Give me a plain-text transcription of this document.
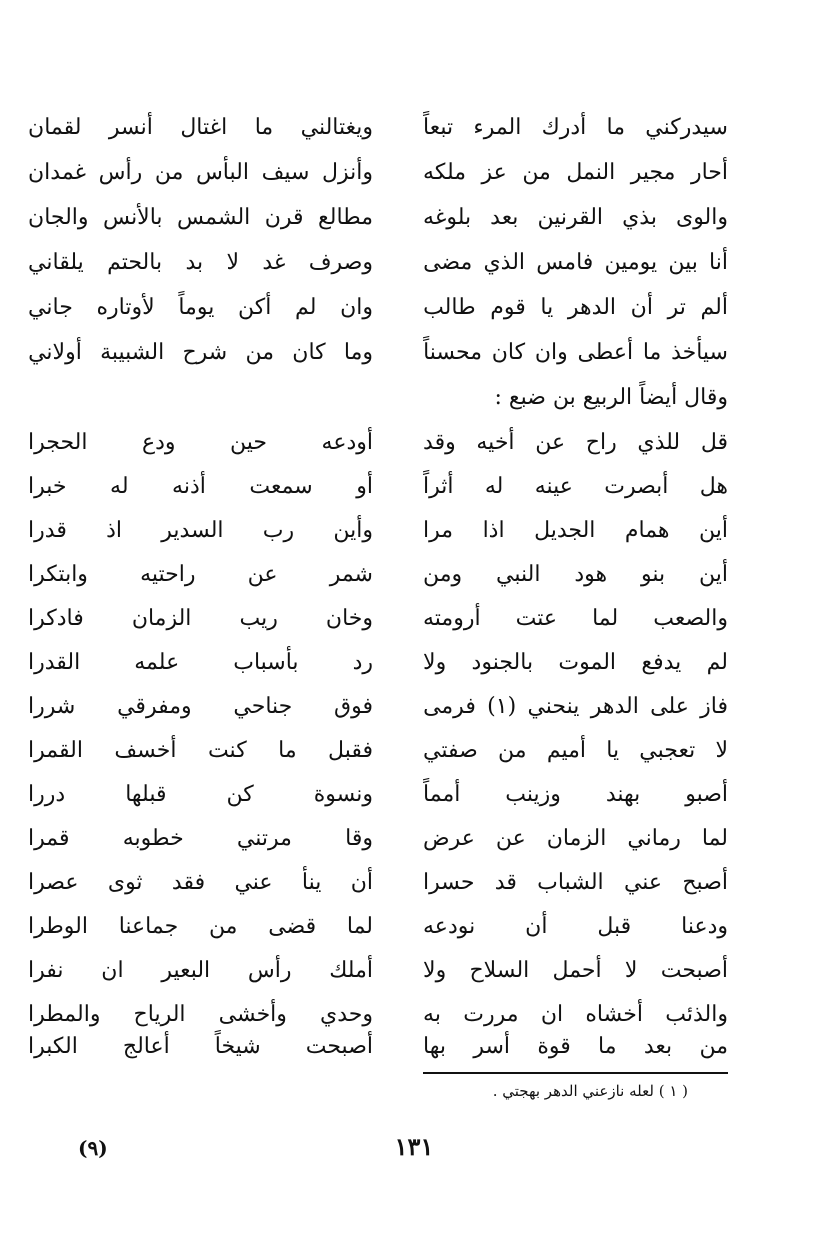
سيدركني
ما
أدرك
المرء
تبعاً
أحار
مجير
النمل
من
عز
ملكه
والوى
بذي
القرنين
بعد
بلوغه
أنا
بين
يومين
فامس
الذي
مضى
ألم
تر
أن
الدهر
يا
قوم
طالب
سيأخذ
ما
أعطى
وان
كان
محسناً
ويغتالني
ما
اغتال
أنسر
لقمان
وأنزل
سيف
البأس
من
رأس
غمدان
مطالع
قرن
الشمس
بالأنس
والجان
وصرف
غد
لا
بد
بالحتم
يلقاني
وان
لم
أكن
يوماً
لأوتاره
جاني
وما
كان
من
شرح
الشبيبة
أولاني
وقال أيضاً الربيع بن ضبع :
قل
للذي
راح
عن
أخيه
وقد
هل
أبصرت
عينه
له
أثراً
أين
همام
الجديل
اذا
مرا
أين
بنو
هود
النبي
ومن
والصعب
لما
عتت
أرومته
لم
يدفع
الموت
بالجنود
ولا
فاز
على
الدهر
ينحني
(١)
فرمى
لا
تعجبي
يا
أميم
من
صفتي
أصبو
بهند
وزينب
أمماً
لما
رماني
الزمان
عن
عرض
أصبح
عني
الشباب
قد
حسرا
ودعنا
قبل
أن
نودعه
أصبحت
لا
أحمل
السلاح
ولا
والذئب
أخشاه
ان
مررت
به
من
بعد
ما
قوة
أسر
بها
أودعه
حين
ودع
الحجرا
أو
سمعت
أذنه
له
خبرا
وأين
رب
السدير
اذ
قدرا
شمر
عن
راحتيه
وابتكرا
وخان
ريب
الزمان
فادكرا
رد
بأسباب
علمه
القدرا
فوق
جناحي
ومفرقي
شررا
فقبل
ما
كنت
أخسف
القمرا
ونسوة
كن
قبلها
دررا
وقا
مرتني
خطوبه
قمرا
أن
ينأ
عني
فقد
ثوى
عصرا
لما
قضى
من
جماعنا
الوطرا
أملك
رأس
البعير
ان
نفرا
وحدي
وأخشى
الرياح
والمطرا
أصبحت
شيخاً
أعالج
الكبرا
( ١ ) لعله نازعني الدهر بهجتي .
١٣١
(٩)
